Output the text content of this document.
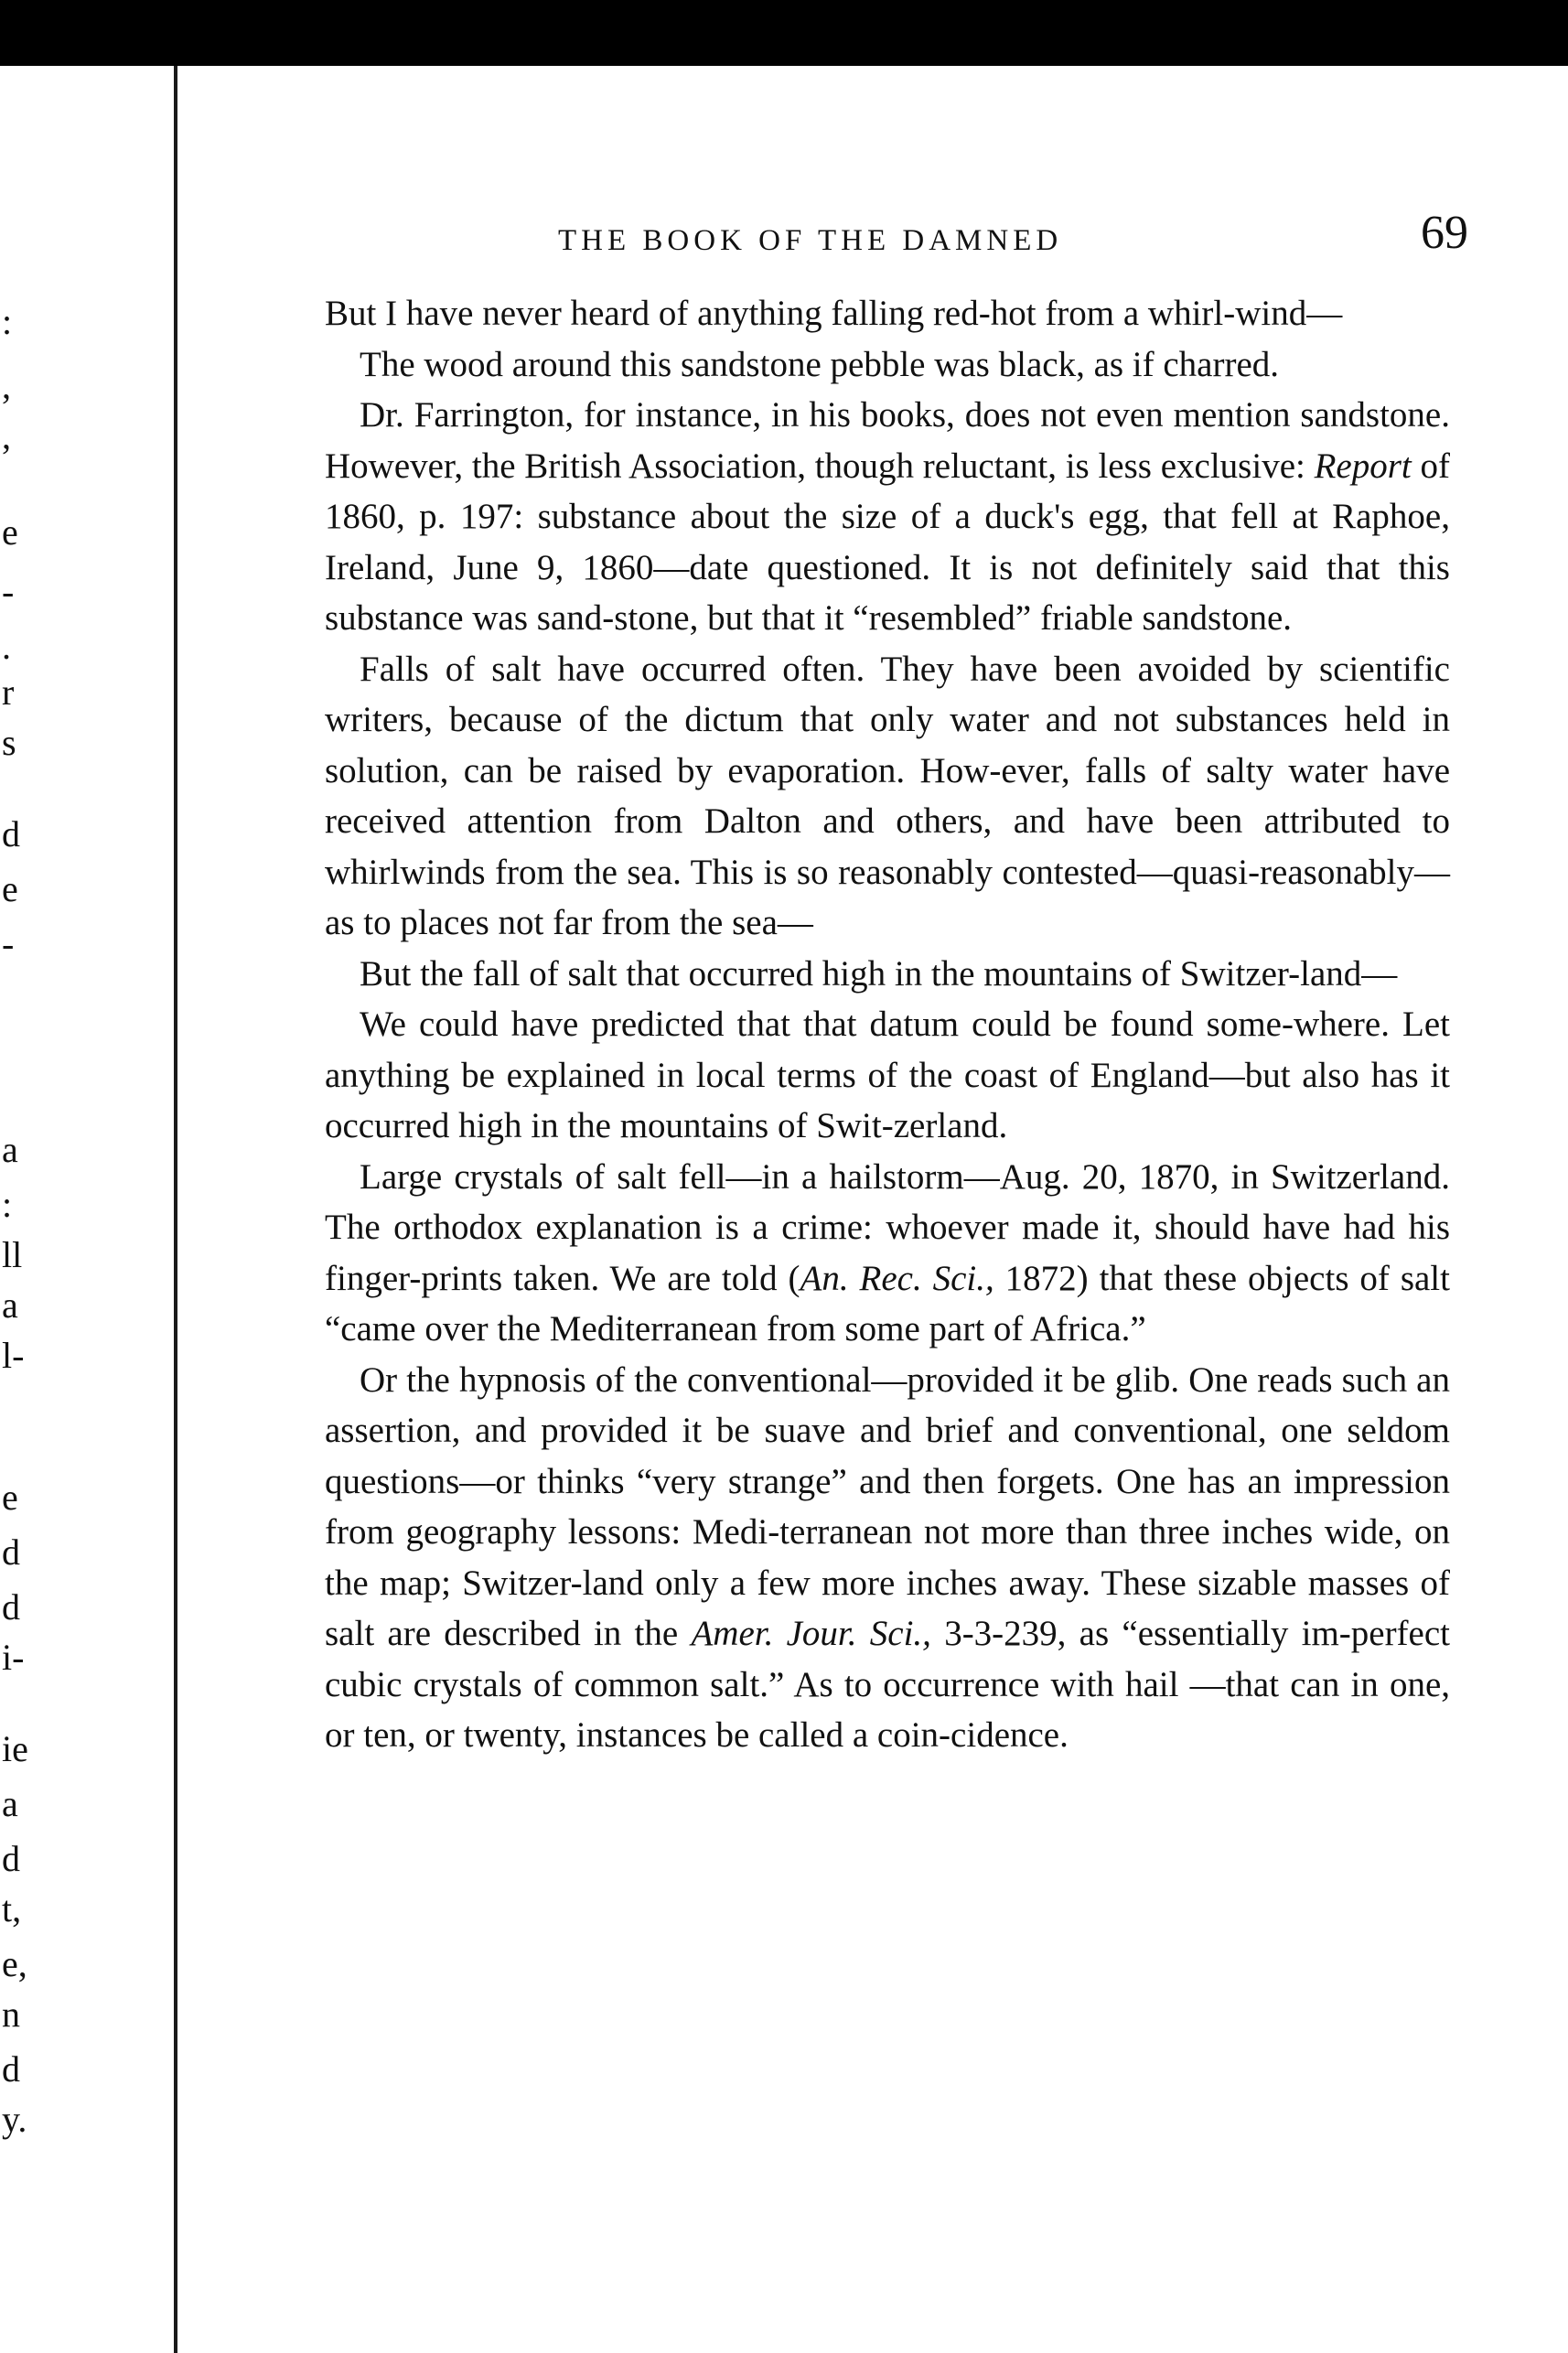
:
,
,
e
-
.
r
s
d
e
-
a
:
ll
a
l-
e
d
d
i-
ie
a
d
t,
e,
n
d
y.
THE BOOK OF THE DAMNED	69

But I have never heard of anything falling red-hot from a whirl-wind—

The wood around this sandstone pebble was black, as if charred.

Dr. Farrington, for instance, in his books, does not even mention sandstone. However, the British Association, though reluctant, is less exclusive: Report of 1860, p. 197: substance about the size of a duck's egg, that fell at Raphoe, Ireland, June 9, 1860—date questioned. It is not definitely said that this substance was sand-stone, but that it “resembled” friable sandstone.

Falls of salt have occurred often. They have been avoided by scientific writers, because of the dictum that only water and not substances held in solution, can be raised by evaporation. How-ever, falls of salty water have received attention from Dalton and others, and have been attributed to whirlwinds from the sea. This is so reasonably contested—quasi-reasonably—as to places not far from the sea—

But the fall of salt that occurred high in the mountains of Switzer-land—

We could have predicted that that datum could be found some-where. Let anything be explained in local terms of the coast of England—but also has it occurred high in the mountains of Swit-zerland.

Large crystals of salt fell—in a hailstorm—Aug. 20, 1870, in Switzerland. The orthodox explanation is a crime: whoever made it, should have had his finger-prints taken. We are told (An. Rec. Sci., 1872) that these objects of salt “came over the Mediterranean from some part of Africa.”

Or the hypnosis of the conventional—provided it be glib. One reads such an assertion, and provided it be suave and brief and conventional, one seldom questions—or thinks “very strange” and then forgets. One has an impression from geography lessons: Medi-terranean not more than three inches wide, on the map; Switzer-land only a few more inches away. These sizable masses of salt are described in the Amer. Jour. Sci., 3-3-239, as “essentially im-perfect cubic crystals of common salt.” As to occurrence with hail —that can in one, or ten, or twenty, instances be called a coin-cidence.
